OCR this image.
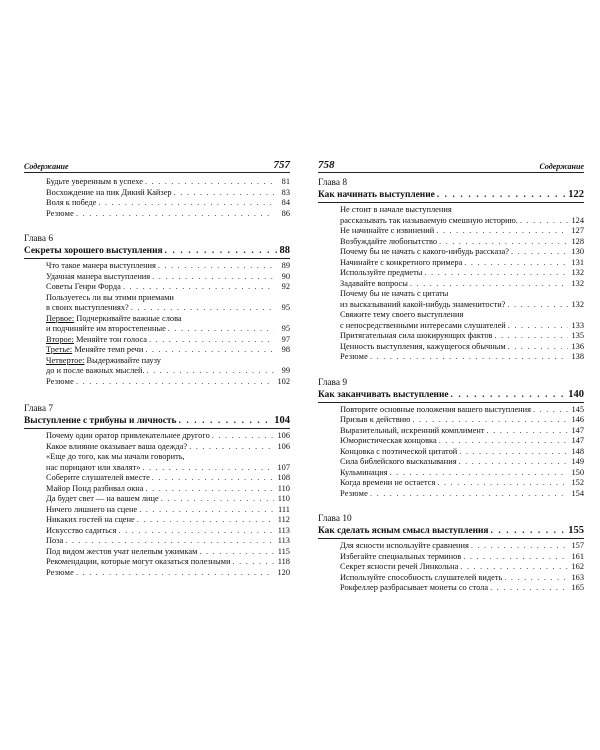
Содержание	757
Будьте уверенным в успехе . . .	81
Восхождение на пик Дикий Кайзер . . .	83
Воля к победе . . .	84
Резюме . . .	86
Глава 6
Секреты хорошего выступления . . .	88
Что такое манера выступления . . .	89
Удачная манера выступления . . .	90
Советы Генри Форда . . .	92
Пользуетесь ли вы этими приемами
в своих выступлениях? . . .	95
Первое: Подчеркивайте важные слова
и подчиняйте им второстепенные . . .	95
Второе: Меняйте тон голоса . . .	97
Третье: Меняйте темп речи . . .	98
Четвертое: Выдерживайте паузу
до и после важных мыслей. . . .	99
Резюме . . .	102
Глава 7
Выступление с трибуны и личность . . .	104
Почему один оратор привлекательнее другого . . .	106
Какое влияние оказывает ваша одежда? . . .	106
«Еще до того, как мы начали говорить,
нас порицают или хвалят» . . .	107
Соберите слушателей вместе . . .	108
Майор Понд разбивал окна . . .	110
Да будет свет — на вашем лице . . .	110
Ничего лишнего на сцене . . .	111
Никаких гостей на сцене . . .	112
Искусство садиться . . .	113
Поза . . .	113
Под видом жестов учат нелепым ужимкам . . .	115
Рекомендации, которые могут оказаться полезными . . .	118
Резюме . . .	120
758	Содержание
Глава 8
Как начинать выступление . . .	122
Не стоит в начале выступления
рассказывать так называемую смешную историю. . . .	124
Не начинайте с извинений . . .	127
Возбуждайте любопытство . . .	128
Почему бы не начать с какого-нибудь рассказа? . . .	130
Начинайте с конкретного примера . . .	131
Используйте предметы . . .	132
Задавайте вопросы . . .	132
Почему бы не начать с цитаты
из высказываний какой-нибудь знаменитости? . . .	132
Свяжите тему своего выступления
с непосредственными интересами слушателей . . .	133
Притягательная сила шокирующих фактов . . .	135
Ценность выступления, кажущегося обычным . . .	136
Резюме . . .	138
Глава 9
Как заканчивать выступление . . .	140
Повторите основные положения вашего выступления . . .	145
Призыв к действию . . .	146
Выразительный, искренний комплимент . . .	147
Юмористическая концовка . . .	147
Концовка с поэтической цитатой . . .	148
Сила библейского высказывания . . .	149
Кульминация . . .	150
Когда времени не остается . . .	152
Резюме . . .	154
Глава 10
Как сделать ясным смысл выступления . . .	155
Для ясности используйте сравнения . . .	157
Избегайте специальных терминов . . .	161
Секрет ясности речей Линкольна . . .	162
Используйте способность слушателей видеть . . .	163
Рокфеллер разбрасывает монеты со стола . . .	165
